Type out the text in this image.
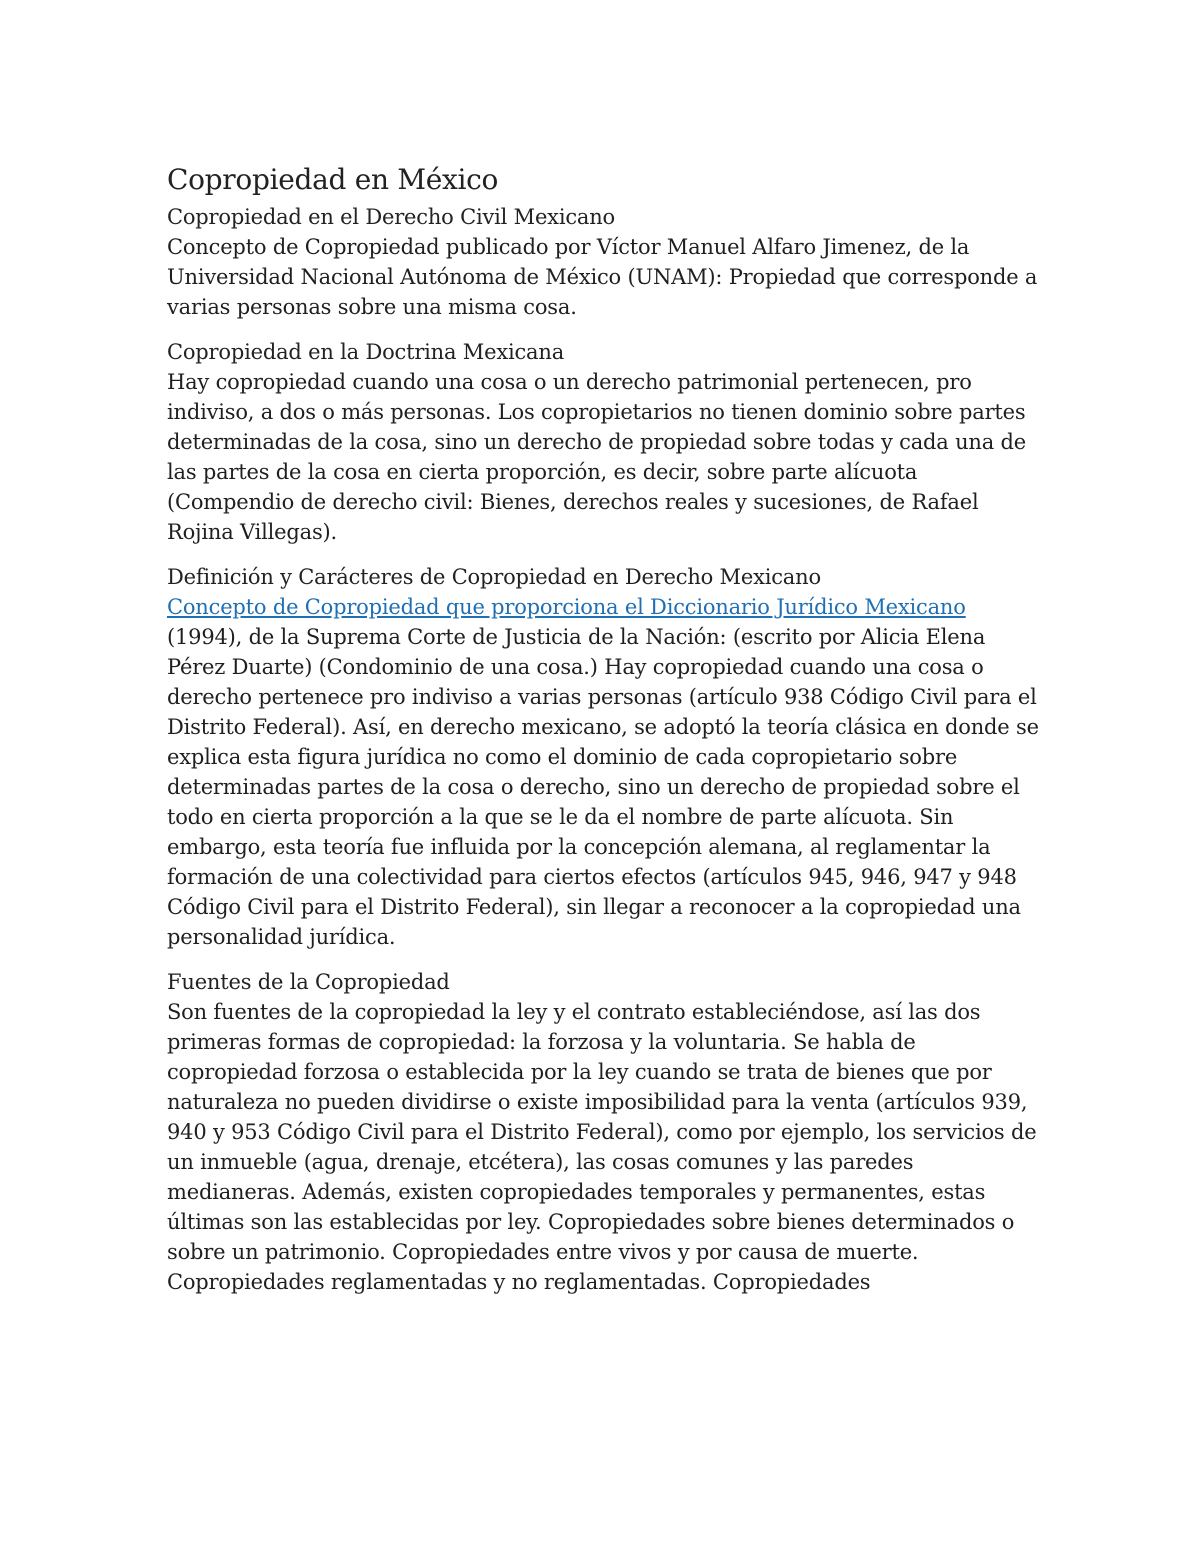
Copropiedad en México
Copropiedad en el Derecho Civil Mexicano

Concepto de Copropiedad publicado por Víctor Manuel Alfaro Jimenez, de la Universidad Nacional Autónoma de México (UNAM): Propiedad que corresponde a varias personas sobre una misma cosa.

Copropiedad en la Doctrina Mexicana

Hay copropiedad cuando una cosa o un derecho patrimonial pertenecen, pro indiviso, a dos o más personas. Los copropietarios no tienen dominio sobre partes determinadas de la cosa, sino un derecho de propiedad sobre todas y cada una de las partes de la cosa en cierta proporción, es decir, sobre parte alícuota (Compendio de derecho civil: Bienes, derechos reales y sucesiones, de Rafael Rojina Villegas).

Definición y Carácteres de Copropiedad en Derecho Mexicano

Concepto de Copropiedad que proporciona el Diccionario Jurídico Mexicano (1994), de la Suprema Corte de Justicia de la Nación: (escrito por Alicia Elena Pérez Duarte) (Condominio de una cosa.) Hay copropiedad cuando una cosa o derecho pertenece pro indiviso a varias personas (artículo 938 Código Civil para el Distrito Federal). Así, en derecho mexicano, se adoptó la teoría clásica en donde se explica esta figura jurídica no como el dominio de cada copropietario sobre determinadas partes de la cosa o derecho, sino un derecho de propiedad sobre el todo en cierta proporción a la que se le da el nombre de parte alícuota. Sin embargo, esta teoría fue influida por la concepción alemana, al reglamentar la formación de una colectividad para ciertos efectos (artículos 945, 946, 947 y 948 Código Civil para el Distrito Federal), sin llegar a reconocer a la copropiedad una personalidad jurídica.

Fuentes de la Copropiedad

Son fuentes de la copropiedad la ley y el contrato estableciéndose, así las dos primeras formas de copropiedad: la forzosa y la voluntaria. Se habla de copropiedad forzosa o establecida por la ley cuando se trata de bienes que por naturaleza no pueden dividirse o existe imposibilidad para la venta (artículos 939, 940 y 953 Código Civil para el Distrito Federal), como por ejemplo, los servicios de un inmueble (agua, drenaje, etcétera), las cosas comunes y las paredes medianeras. Además, existen copropiedades temporales y permanentes, estas últimas son las establecidas por ley. Copropiedades sobre bienes determinados o sobre un patrimonio. Copropiedades entre vivos y por causa de muerte. Copropiedades reglamentadas y no reglamentadas. Copropiedades
